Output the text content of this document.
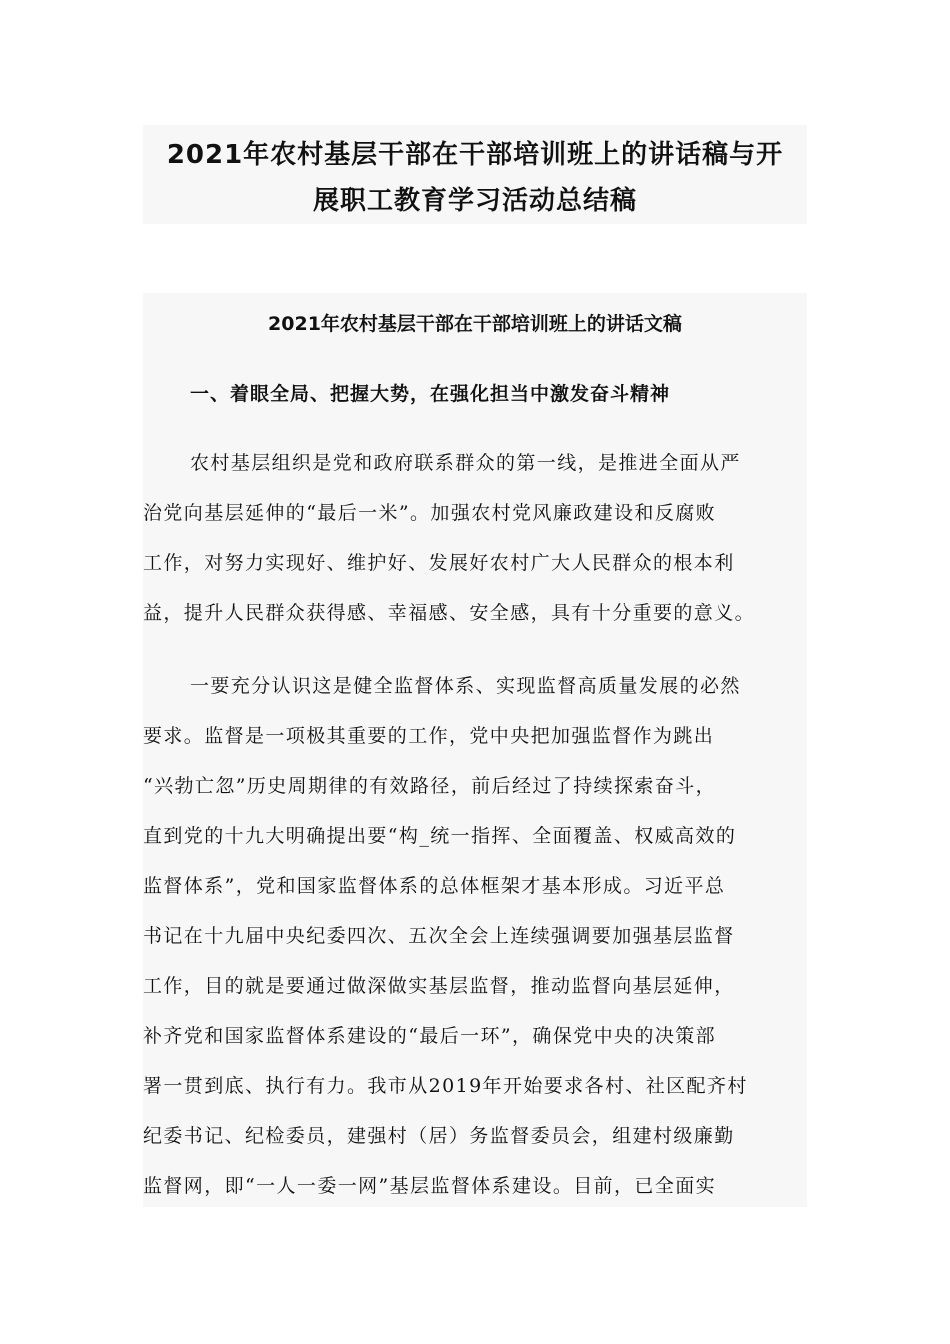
2021年农村基层干部在干部培训班上的讲话稿与开
展职工教育学习活动总结稿
2021年农村基层干部在干部培训班上的讲话文稿
一、着眼全局、把握大势，在强化担当中激发奋斗精神
农村基层组织是党和政府联系群众的第一线，是推进全面从严
治党向基层延伸的“最后一米”。加强农村党风廉政建设和反腐败
工作，对努力实现好、维护好、发展好农村广大人民群众的根本利
益，提升人民群众获得感、幸福感、安全感，具有十分重要的意义。
一要充分认识这是健全监督体系、实现监督高质量发展的必然
要求。监督是一项极其重要的工作，党中央把加强监督作为跳出
“兴勃亡忽”历史周期律的有效路径，前后经过了持续探索奋斗，
直到党的十九大明确提出要“构_统一指挥、全面覆盖、权威高效的
监督体系”，党和国家监督体系的总体框架才基本形成。习近平总
书记在十九届中央纪委四次、五次全会上连续强调要加强基层监督
工作，目的就是要通过做深做实基层监督，推动监督向基层延伸，
补齐党和国家监督体系建设的“最后一环”，确保党中央的决策部
署一贯到底、执行有力。我市从2019年开始要求各村、社区配齐村
纪委书记、纪检委员，建强村（居）务监督委员会，组建村级廉勤
监督网，即“一人一委一网”基层监督体系建设。目前，已全面实
